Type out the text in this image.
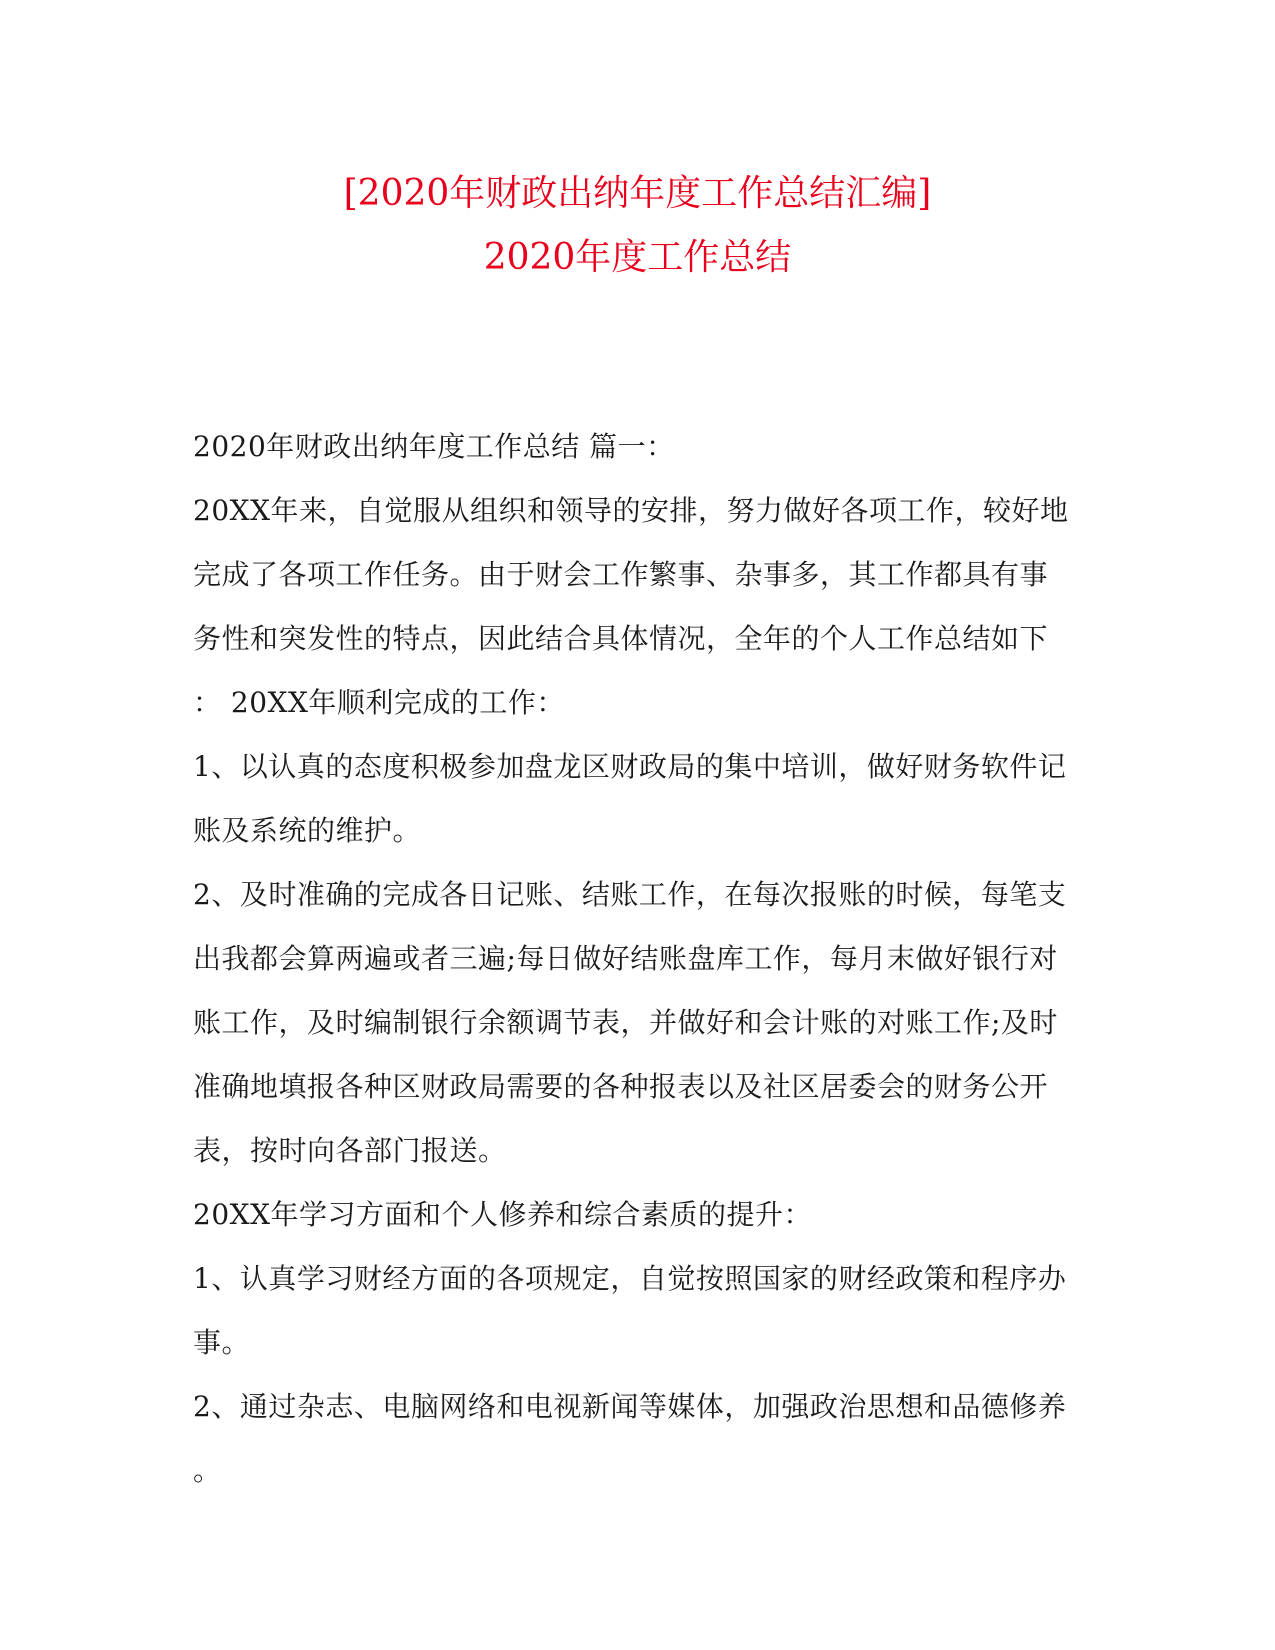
[2020年财政出纳年度工作总结汇编]
2020年度工作总结
2020年财政出纳年度工作总结 篇一：
20XX年来，自觉服从组织和领导的安排，努力做好各项工作，较好地
完成了各项工作任务。由于财会工作繁事、杂事多，其工作都具有事
务性和突发性的特点，因此结合具体情况，全年的个人工作总结如下
： 20XX年顺利完成的工作：
1、以认真的态度积极参加盘龙区财政局的集中培训，做好财务软件记
账及系统的维护。
2、及时准确的完成各日记账、结账工作，在每次报账的时候，每笔支
出我都会算两遍或者三遍;每日做好结账盘库工作，每月末做好银行对
账工作，及时编制银行余额调节表，并做好和会计账的对账工作;及时
准确地填报各种区财政局需要的各种报表以及社区居委会的财务公开
表，按时向各部门报送。
20XX年学习方面和个人修养和综合素质的提升：
1、认真学习财经方面的各项规定，自觉按照国家的财经政策和程序办
事。
2、通过杂志、电脑网络和电视新闻等媒体，加强政治思想和品德修养
。
